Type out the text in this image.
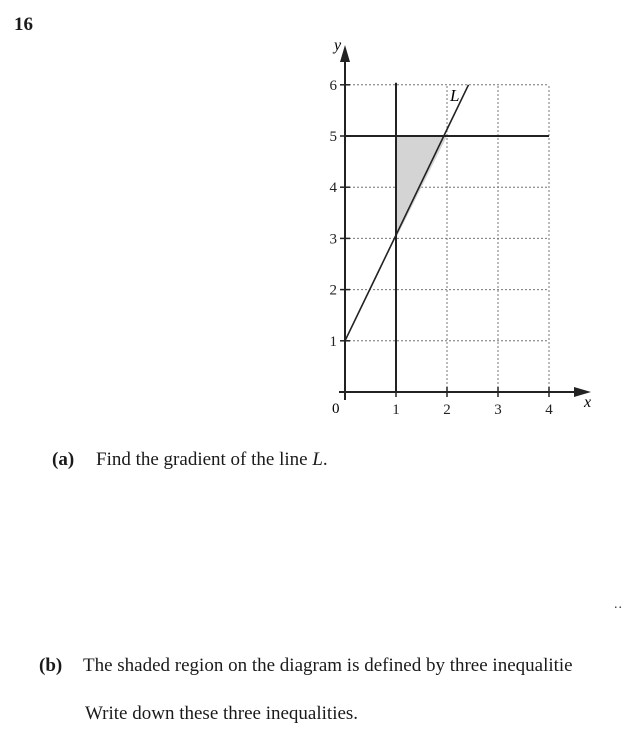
16
L
y
x
0	1	2	3	4
1
2
3
4
5
6
(a) Find the gradient of the line L.
..
(b) The shaded region on the diagram is defined by three inequalitie
Write down these three inequalities.
